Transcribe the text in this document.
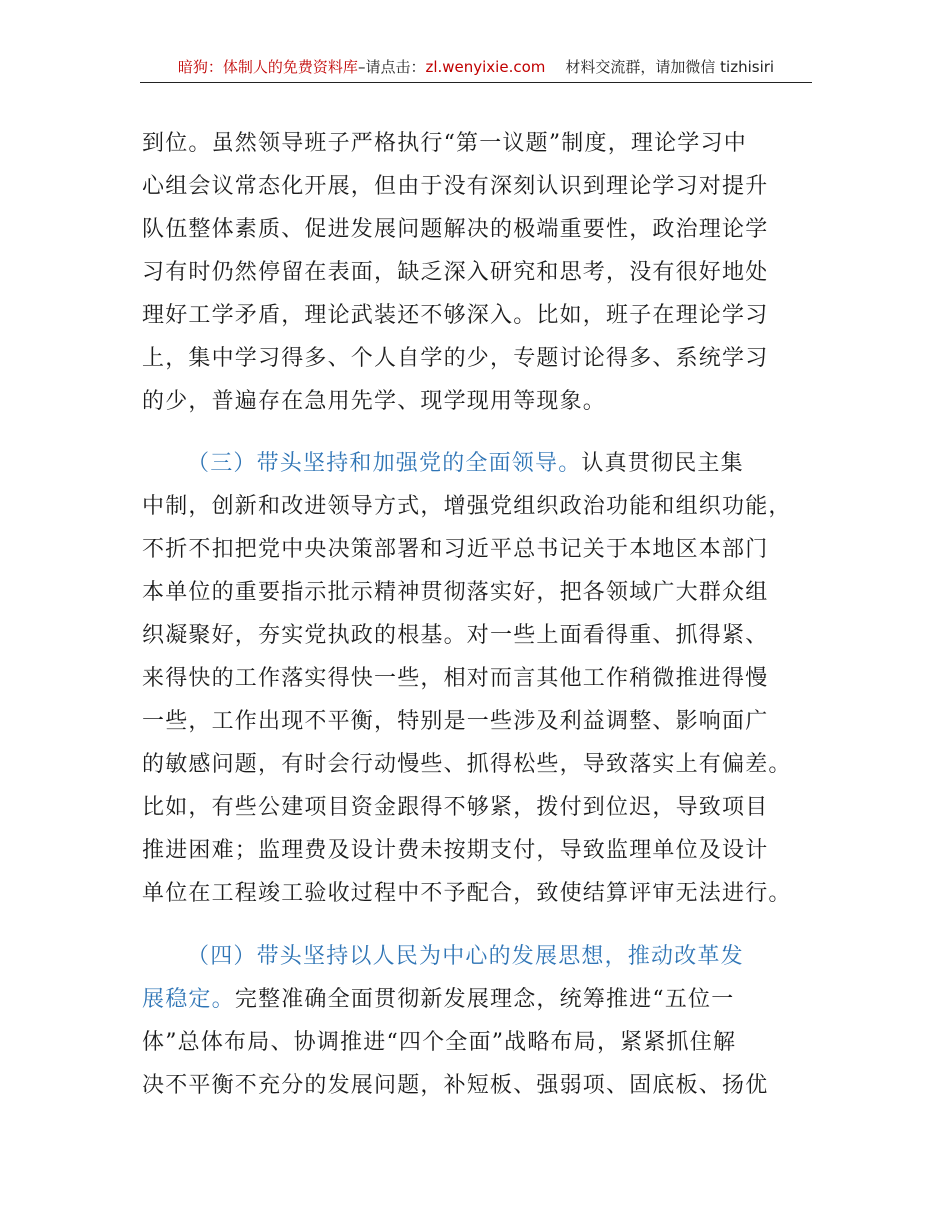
暗狗：体制人的免费资料库–请点击：zl.wenyixie.com 材料交流群，请加微信 tizhisiri
到位。虽然领导班子严格执行“第一议题”制度，理论学习中
心组会议常态化开展，但由于没有深刻认识到理论学习对提升
队伍整体素质、促进发展问题解决的极端重要性，政治理论学
习有时仍然停留在表面，缺乏深入研究和思考，没有很好地处
理好工学矛盾，理论武装还不够深入。比如，班子在理论学习
上，集中学习得多、个人自学的少，专题讨论得多、系统学习
的少，普遍存在急用先学、现学现用等现象。
（三）带头坚持和加强党的全面领导。认真贯彻民主集
中制，创新和改进领导方式，增强党组织政治功能和组织功能，
不折不扣把党中央决策部署和习近平总书记关于本地区本部门
本单位的重要指示批示精神贯彻落实好，把各领域广大群众组
织凝聚好，夯实党执政的根基。对一些上面看得重、抓得紧、
来得快的工作落实得快一些，相对而言其他工作稍微推进得慢
一些，工作出现不平衡，特别是一些涉及利益调整、影响面广
的敏感问题，有时会行动慢些、抓得松些，导致落实上有偏差。
比如，有些公建项目资金跟得不够紧，拨付到位迟，导致项目
推进困难；监理费及设计费未按期支付，导致监理单位及设计
单位在工程竣工验收过程中不予配合，致使结算评审无法进行。
（四）带头坚持以人民为中心的发展思想，推动改革发
展稳定。完整准确全面贯彻新发展理念，统筹推进“五位一
体”总体布局、协调推进“四个全面”战略布局，紧紧抓住解
决不平衡不充分的发展问题，补短板、强弱项、固底板、扬优
